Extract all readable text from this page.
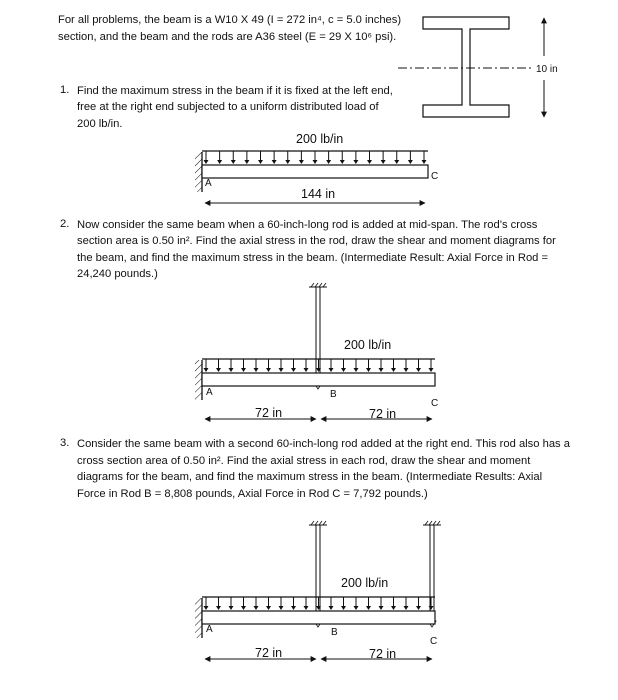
For all problems, the beam is a W10 X 49 (I = 272 in⁴, c = 5.0 inches)

section, and the beam and the rods are A36 steel (E = 29 X 10⁶ psi).

1. Find the maximum stress in the beam if it is fixed at the left end,

free at the right end subjected to a uniform distributed load of

200 lb/in.

2. Now consider the same beam when a 60-inch-long rod is added at mid-span. The rod’s cross

section area is 0.50 in². Find the axial stress in the rod, draw the shear and moment diagrams for

the beam, and find the maximum stress in the beam. (Intermediate Result: Axial Force in Rod =

24,240 pounds.)

3. Consider the same beam with a second 60-inch-long rod added at the right end. This rod also has a

cross section area of 0.50 in². Find the axial stress in each rod, draw the shear and moment

diagrams for the beam, and find the maximum stress in the beam. (Intermediate Results: Axial

Force in Rod B = 8,808 pounds, Axial Force in Rod C = 7,792 pounds.)

10 in
200 lb/in
144 in
A
C
200 lb/in
A	B
C
72 in	72 in
200 lb/in
A	B
C
72 in	72 in
